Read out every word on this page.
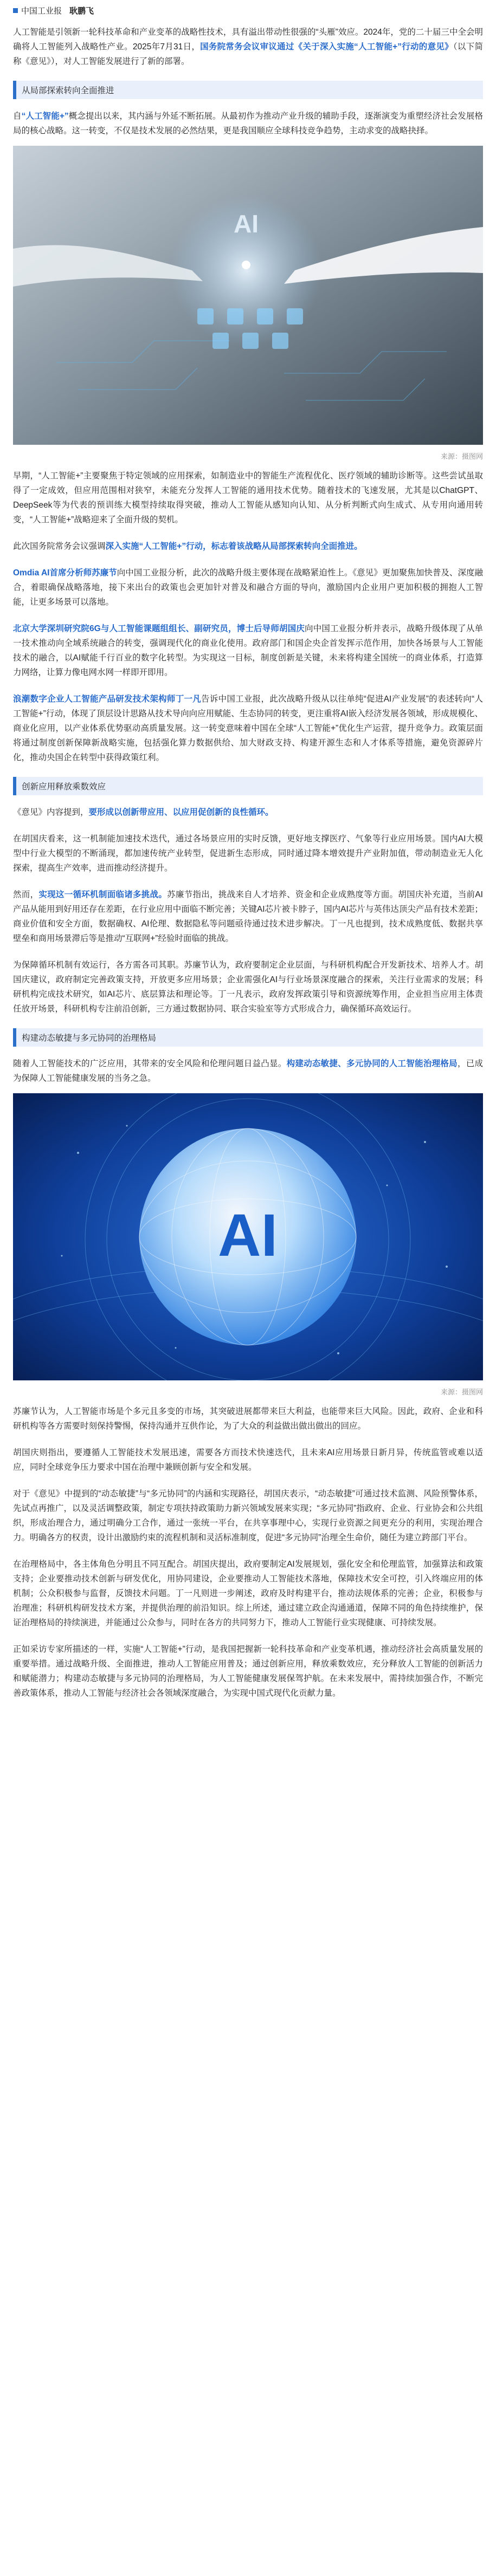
中国工业报 耿鹏飞

人工智能是引领新一轮科技革命和产业变革的战略性技术，具有溢出带动性很强的“头雁”效应。2024年，党的二十届三中全会明确将人工智能列入战略性产业。2025年7月31日，国务院常务会议审议通过《关于深入实施“人工智能+”行动的意见》（以下简称《意见》），对人工智能发展进行了新的部署。

从局部探索转向全面推进

自“人工智能+”概念提出以来，其内涵与外延不断拓展。从最初作为推动产业升级的辅助手段，逐渐演变为重塑经济社会发展格局的核心战略。这一转变，不仅是技术发展的必然结果，更是我国顺应全球科技竞争趋势，主动求变的战略抉择。

AI
来源：摄图网

早期，“人工智能+”主要聚焦于特定领域的应用探索，如制造业中的智能生产流程优化、医疗领域的辅助诊断等。这些尝试虽取得了一定成效，但应用范围相对狭窄，未能充分发挥人工智能的通用技术优势。随着技术的飞速发展，尤其是以ChatGPT、DeepSeek等为代表的预训练大模型持续取得突破，推动人工智能从感知向认知、从分析判断式向生成式、从专用向通用转变，“人工智能+”战略迎来了全面升级的契机。

此次国务院常务会议强调深入实施“人工智能+”行动，标志着该战略从局部探索转向全面推进。

Omdia AI首席分析师苏廉节向中国工业报分析，此次的战略升级主要体现在战略紧迫性上。《意见》更加聚焦加快普及、深度融合，着眼确保战略落地，接下来出台的政策也会更加针对普及和融合方面的导向，激励国内企业用户更加积极的拥抱人工智能，让更多场景可以落地。

北京大学深圳研究院6G与人工智能课题组组长、副研究员，博士后导师胡国庆向中国工业报分析并表示，战略升级体现了从单一技术推动向全域系统融合的转变，强调现代化的商业化使用。政府部门和国企央企首发挥示范作用，加快各场景与人工智能技术的融合，以AI赋能千行百业的数字化转型。为实现这一目标，制度创新是关键，未来将构建全国统一的商业体系，打造算力网络，让算力像电网水网一样即开即用。

浪潮数字企业人工智能产品研发技术架构师丁一凡告诉中国工业报，此次战略升级从以往单纯“促进AI产业发展”的表述转向“人工智能+”行动，体现了顶层设计思路从技术导向向应用赋能、生态协同的转变，更注重将AI嵌入经济发展各领域，形成规模化、商业化应用，以产业体系优势驱动高质量发展。这一转变意味着中国在全球“人工智能+”优化生产运营，提升竞争力。政策层面将通过制度创新保障新战略实施，包括强化算力数据供给、加大财政支持、构建开源生态和人才体系等措施，避免资源碎片化，推动央国企在转型中获得政策红利。

创新应用释放乘数效应

《意见》内容提到，要形成以创新带应用、以应用促创新的良性循环。

在胡国庆看来，这一机制能加速技术迭代，通过各场景应用的实时反馈，更好地支撑医疗、气象等行业应用场景。国内AI大模型中行业大模型的不断涌现，都加速传统产业转型，促进新生态形成，同时通过降本增效提升产业附加值，带动制造业无人化探索，提高生产效率，进而推动经济提升。

然而，实现这一循环机制面临诸多挑战。苏廉节指出，挑战来自人才培养、资金和企业成熟度等方面。胡国庆补充道，当前AI产品从能用到好用还存在差距，在行业应用中面临不断完善；关键AI芯片被卡脖子，国内AI芯片与英伟达顶尖产品有技术差距；商业价值和安全方面，数据确权、AI伦理、数据隐私等问题亟待通过技术进步解决。丁一凡也提到，技术成熟度低、数据共享壁垒和商用场景滞后等是推动“互联网+”经验时面临的挑战。

为保障循环机制有效运行，各方需各司其职。苏廉节认为，政府要制定企业层面，与科研机构配合开发新技术、培养人才。胡国庆建议，政府制定完善政策支持，开放更多应用场景；企业需强化AI与行业场景深度融合的探索，关注行业需求的发展；科研机构完成技术研究，如AI芯片、底层算法和理论等。丁一凡表示，政府发挥政策引导和资源统筹作用，企业担当应用主体责任放开场景，科研机构专注前沿创新，三方通过数据协同、联合实验室等方式形成合力，确保循环高效运行。

构建动态敏捷与多元协同的治理格局

随着人工智能技术的广泛应用，其带来的安全风险和伦理问题日益凸显。构建动态敏捷、多元协同的人工智能治理格局，已成为保障人工智能健康发展的当务之急。

AI
来源：摄图网

苏廉节认为，人工智能市场是个多元且多变的市场，其突破进展都带来巨大利益，也能带来巨大风险。因此，政府、企业和科研机构等各方需要时刻保持警惕，保持沟通并互供作论，为了大众的利益做出做出做出的回应。

胡国庆则指出，要遵循人工智能技术发展迅速，需要各方而技术快速迭代，且未来AI应用场景日新月异，传统监管或难以适应，同时全球竞争压力要求中国在治理中兼顾创新与安全和发展。

对于《意见》中提到的“动态敏捷”与“多元协同”的内涵和实现路径，胡国庆表示，“动态敏捷”可通过技术监测、风险预警体系，先试点再推广，以及灵活调整政策，制定专项扶持政策助力新兴领域发展来实现；“多元协同”指政府、企业、行业协会和公共组织，形成治理合力，通过明确分工合作，通过一张统一平台，在共享事理中心，实现行业资源之间更充分的利用，实现治理合力。明确各方的权责，设计出激励约束的流程机制和灵活标准制度，促进“多元协同”治理全生命价，随任为建立跨部门平台。

在治理格局中，各主体角色分明且不同互配合。胡国庆提出，政府要制定AI发展规划，强化安全和伦理监管，加强算法和政策支持；企业要推动技术创新与研发优化，用协同建设，企业要推动人工智能技术落地，保障技术安全可控，引入终端应用的体机制；公众积极参与监督，反馈技术问题。丁一凡则进一步阐述，政府及时构建平台，推动法规体系的完善；企业，积极参与治理准；科研机构研发技术方案，并提供治理的前沿知识。综上所述，通过建立政企沟通通道，保障不同的角色持续维护，保证治理格局的持续演进，并能通过公众参与，同时在各方的共同努力下，推动人工智能行业实现健康、可持续发展。

正如采访专家所描述的一样，实施“人工智能+”行动，是我国把握新一轮科技革命和产业变革机遇，推动经济社会高质量发展的重要举措。通过战略升级、全面推进，推动人工智能应用普及；通过创新应用，释放乘数效应，充分释放人工智能的创新活力和赋能潜力；构建动态敏捷与多元协同的治理格局，为人工智能健康发展保驾护航。在未来发展中，需持续加强合作，不断完善政策体系，推动人工智能与经济社会各领域深度融合，为实现中国式现代化贡献力量。
